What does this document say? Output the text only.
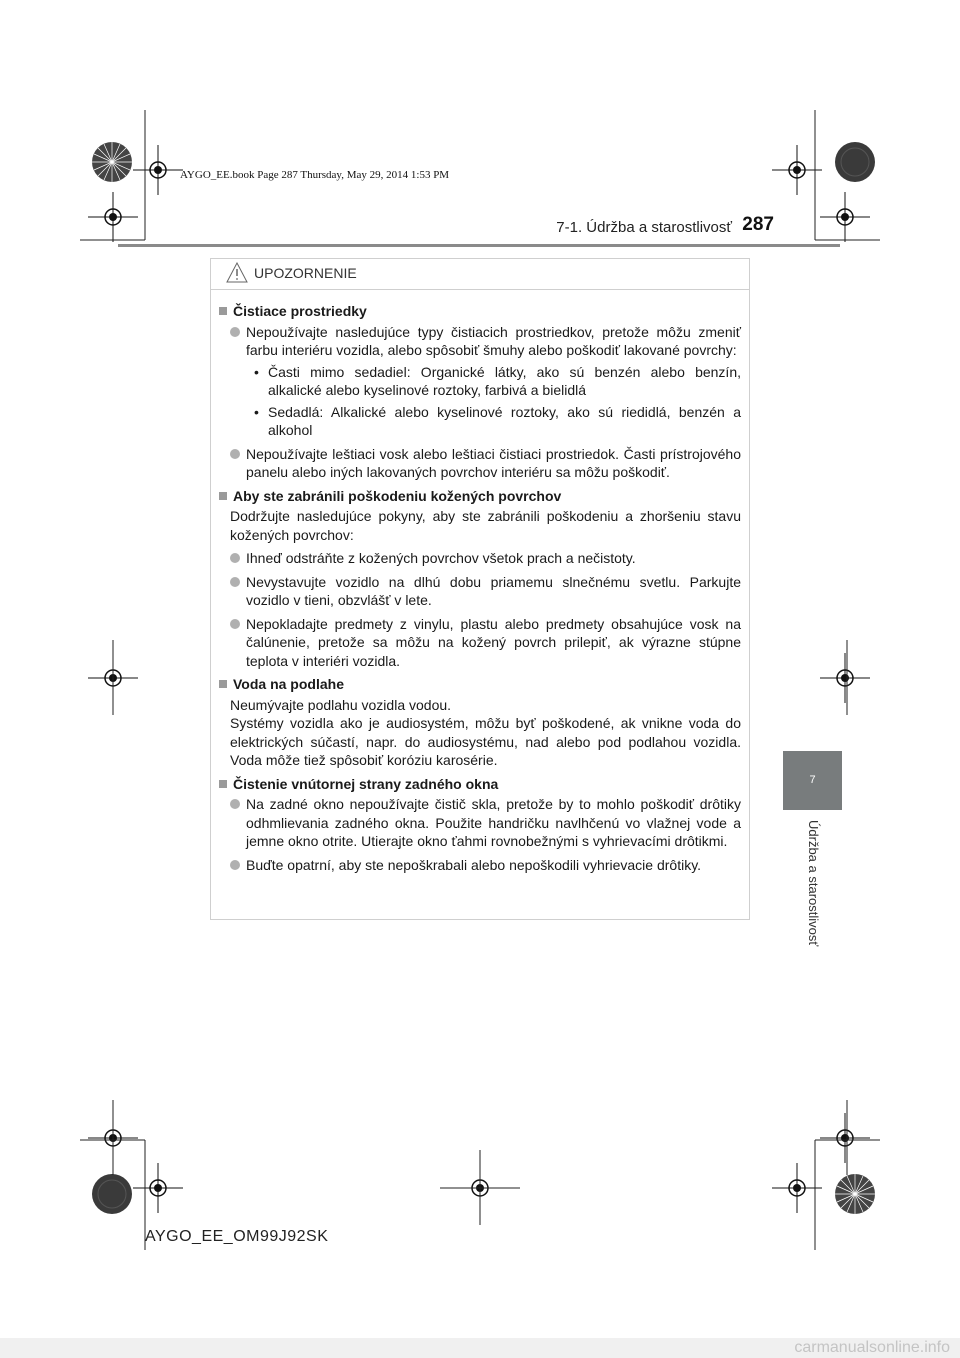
AYGO_EE.book Page 287 Thursday, May 29, 2014 1:53 PM
7-1. Údržba a starostlivosť 287
7
Údržba a starostlivosť
UPOZORNENIE
Čistiace prostriedky
Nepoužívajte nasledujúce typy čistiacich prostriedkov, pretože môžu zmeniť farbu interiéru vozidla, alebo spôsobiť šmuhy alebo poškodiť lakované povrchy:
• Časti mimo sedadiel: Organické látky, ako sú benzén alebo benzín, alkalické alebo kyselinové roztoky, farbivá a bielidlá
• Sedadlá: Alkalické alebo kyselinové roztoky, ako sú riedidlá, benzén a alkohol
Nepoužívajte leštiaci vosk alebo leštiaci čistiaci prostriedok. Časti prístrojového panelu alebo iných lakovaných povrchov interiéru sa môžu poškodiť.
Aby ste zabránili poškodeniu kožených povrchov
Dodržujte nasledujúce pokyny, aby ste zabránili poškodeniu a zhoršeniu stavu kožených povrchov:
Ihneď odstráňte z kožených povrchov všetok prach a nečistoty.
Nevystavujte vozidlo na dlhú dobu priamemu slnečnému svetlu. Parkujte vozidlo v tieni, obzvlášť v lete.
Nepokladajte predmety z vinylu, plastu alebo predmety obsahujúce vosk na čalúnenie, pretože sa môžu na kožený povrch prilepiť, ak výrazne stúpne teplota v interiéri vozidla.
Voda na podlahe
Neumývajte podlahu vozidla vodou.
Systémy vozidla ako je audiosystém, môžu byť poškodené, ak vnikne voda do elektrických súčastí, napr. do audiosystému, nad alebo pod podlahou vozidla. Voda môže tiež spôsobiť koróziu karosérie.
Čistenie vnútornej strany zadného okna
Na zadné okno nepoužívajte čistič skla, pretože by to mohlo poškodiť drôtiky odhmlievania zadného okna. Použite handričku navlhčenú vo vlažnej vode a jemne okno otrite. Utierajte okno ťahmi rovnobežnými s vyhrievacími drôtikmi.
Buďte opatrní, aby ste nepoškrabali alebo nepoškodili vyhrievacie drôtiky.
AYGO_EE_OM99J92SK
carmanualsonline.info
